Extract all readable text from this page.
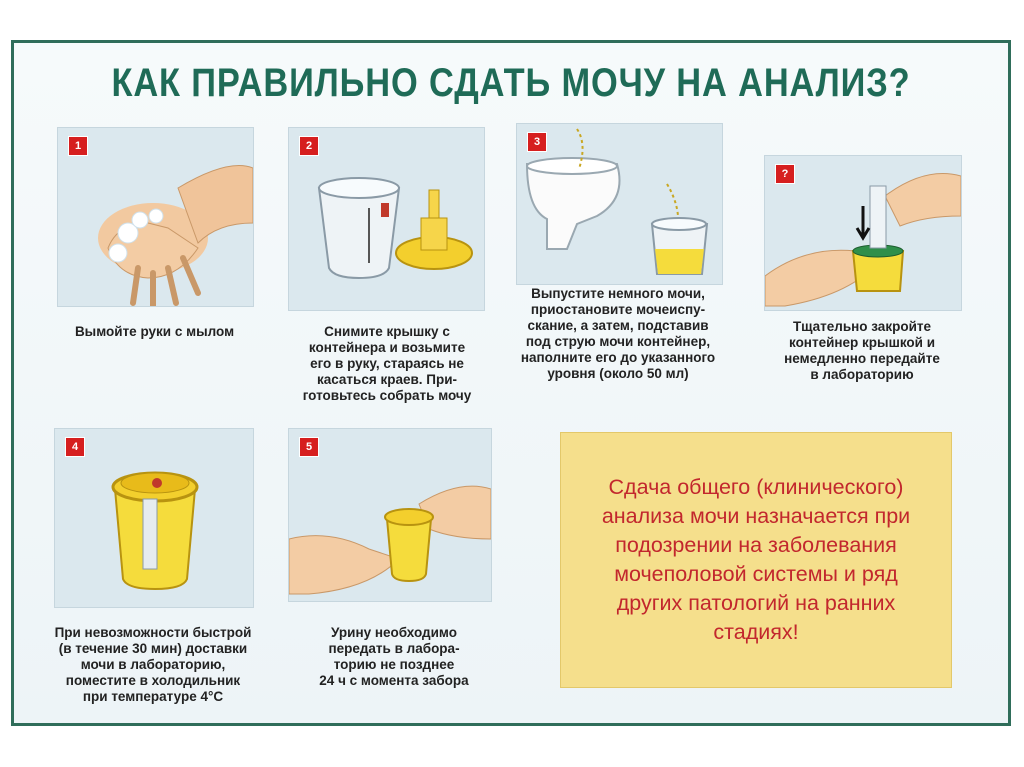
КАК ПРАВИЛЬНО СДАТЬ МОЧУ НА АНАЛИЗ?
1
Вымойте руки с мылом
2
Снимите крышку с
контейнера и возьмите
его в руку, стараясь не
касаться краев. При-
готовьтесь собрать мочу
3
Выпустите немного мочи,
приостановите мочеиспу-
скание, а затем, подставив
под струю мочи контейнер,
наполните его до указанного
уровня (около 50 мл)
?
Тщательно закройте
контейнер крышкой и
немедленно передайте
в лабораторию
4
При невозможности быстрой
(в течение 30 мин) доставки
мочи в лабораторию,
поместите в холодильник
при температуре 4°С
5
Урину необходимо
передать в лабора-
торию не позднее
24 ч с момента забора
Сдача общего (клинического)
анализа мочи назначается при
подозрении на заболевания
мочеполовой системы и ряд
других патологий на ранних
стадиях!
